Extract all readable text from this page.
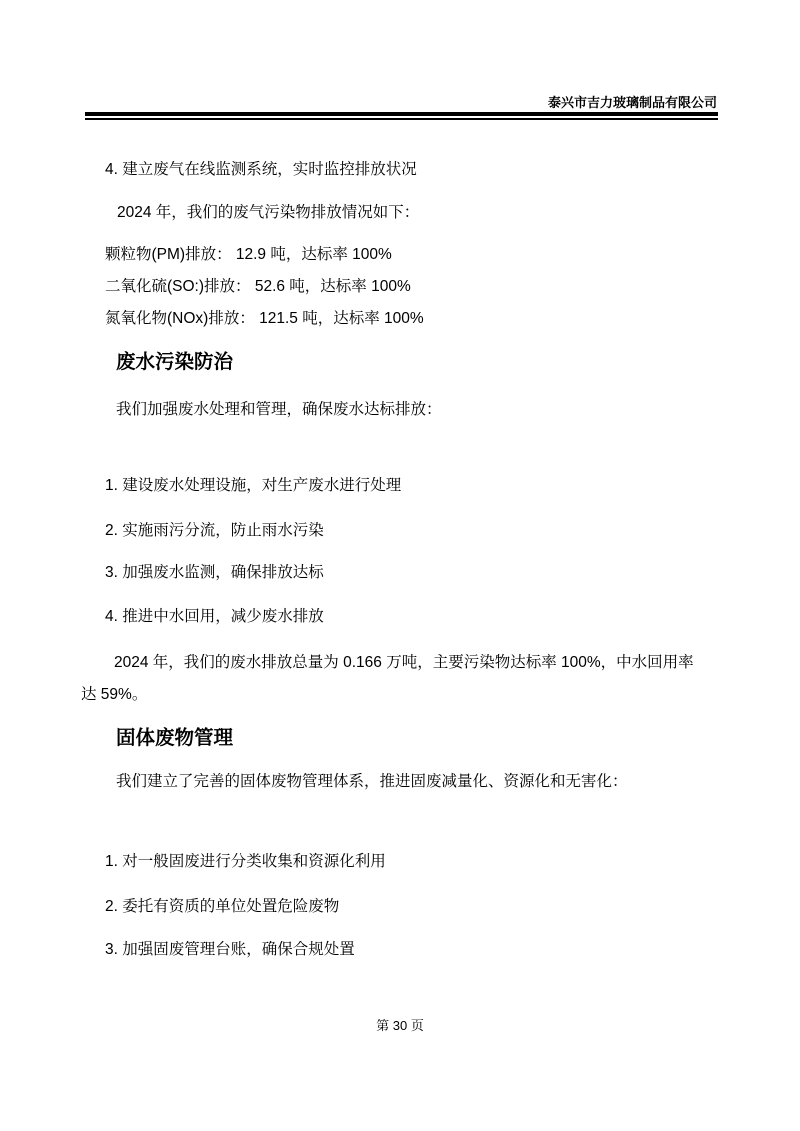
泰兴市吉力玻璃制品有限公司
4. 建立废气在线监测系统，实时监控排放状况
2024 年，我们的废气污染物排放情况如下：
颗粒物(PM)排放： 12.9 吨，达标率 100%
二氧化硫(SO:)排放： 52.6 吨，达标率 100%
氮氧化物(NOx)排放： 121.5 吨，达标率 100%
废水污染防治
我们加强废水处理和管理，确保废水达标排放：
1. 建设废水处理设施，对生产废水进行处理
2. 实施雨污分流，防止雨水污染
3. 加强废水监测，确保排放达标
4. 推进中水回用，减少废水排放
2024 年，我们的废水排放总量为 0.166 万吨，主要污染物达标率 100%，中水回用率
达 59%。
固体废物管理
我们建立了完善的固体废物管理体系，推进固废减量化、资源化和无害化：
1. 对一般固废进行分类收集和资源化利用
2. 委托有资质的单位处置危险废物
3. 加强固废管理台账，确保合规处置
第 30 页
